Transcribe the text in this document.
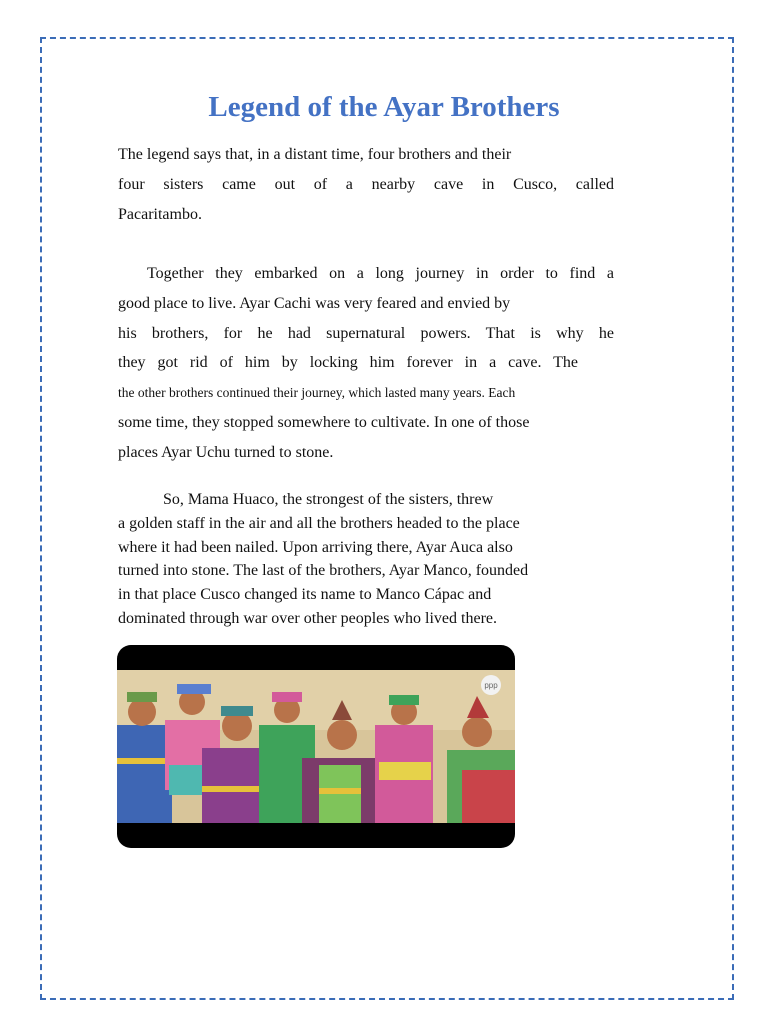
Legend of the Ayar Brothers
The legend says that, in a distant time, four brothers and their
four sisters came out of a nearby cave in Cusco, called
Pacaritambo.
Together they embarked on a long journey in order to find a
good place to live. Ayar Cachi was very feared and envied by
his brothers, for he had supernatural powers. That is why he
they got rid of him by locking him forever in a cave. The
the other brothers continued their journey, which lasted many years. Each
some time, they stopped somewhere to cultivate. In one of those
places Ayar Uchu turned to stone.
So, Mama Huaco, the strongest of the sisters, threw
a golden staff in the air and all the brothers headed to the place
where it had been nailed. Upon arriving there, Ayar Auca also
turned into stone. The last of the brothers, Ayar Manco, founded
in that place Cusco changed its name to Manco Cápac and
dominated through war over other peoples who lived there.
ppp
